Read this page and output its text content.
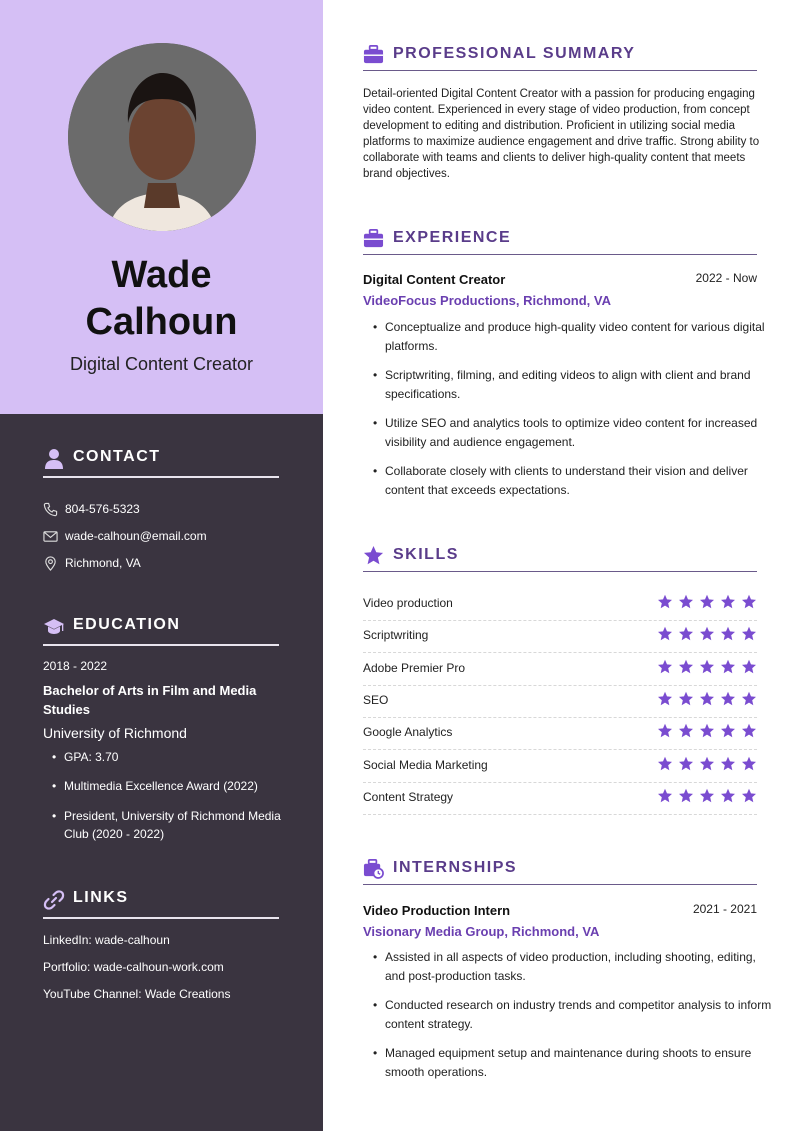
Wade
Calhoun
Digital Content Creator
CONTACT
804-576-5323
wade-calhoun@email.com
Richmond, VA
EDUCATION
2018 - 2022
Bachelor of Arts in Film and Media Studies
University of Richmond
• GPA: 3.70
• Multimedia Excellence Award (2022)
• President, University of Richmond Media Club (2020 - 2022)
LINKS
LinkedIn: wade-calhoun
Portfolio: wade-calhoun-work.com
YouTube Channel: Wade Creations
PROFESSIONAL SUMMARY
Detail-oriented Digital Content Creator with a passion for producing engaging video content. Experienced in every stage of video production, from concept development to editing and distribution. Proficient in utilizing social media platforms to maximize audience engagement and drive traffic. Strong ability to collaborate with teams and clients to deliver high-quality content that meets brand objectives.
EXPERIENCE
Digital Content Creator	2022 - Now
VideoFocus Productions, Richmond, VA
• Conceptualize and produce high-quality video content for various digital platforms.
• Scriptwriting, filming, and editing videos to align with client and brand specifications.
• Utilize SEO and analytics tools to optimize video content for increased visibility and audience engagement.
• Collaborate closely with clients to understand their vision and deliver content that exceeds expectations.
SKILLS
Video production
Scriptwriting
Adobe Premier Pro
SEO
Google Analytics
Social Media Marketing
Content Strategy
INTERNSHIPS
Video Production Intern	2021 - 2021
Visionary Media Group, Richmond, VA
• Assisted in all aspects of video production, including shooting, editing, and post-production tasks.
• Conducted research on industry trends and competitor analysis to inform content strategy.
• Managed equipment setup and maintenance during shoots to ensure smooth operations.
